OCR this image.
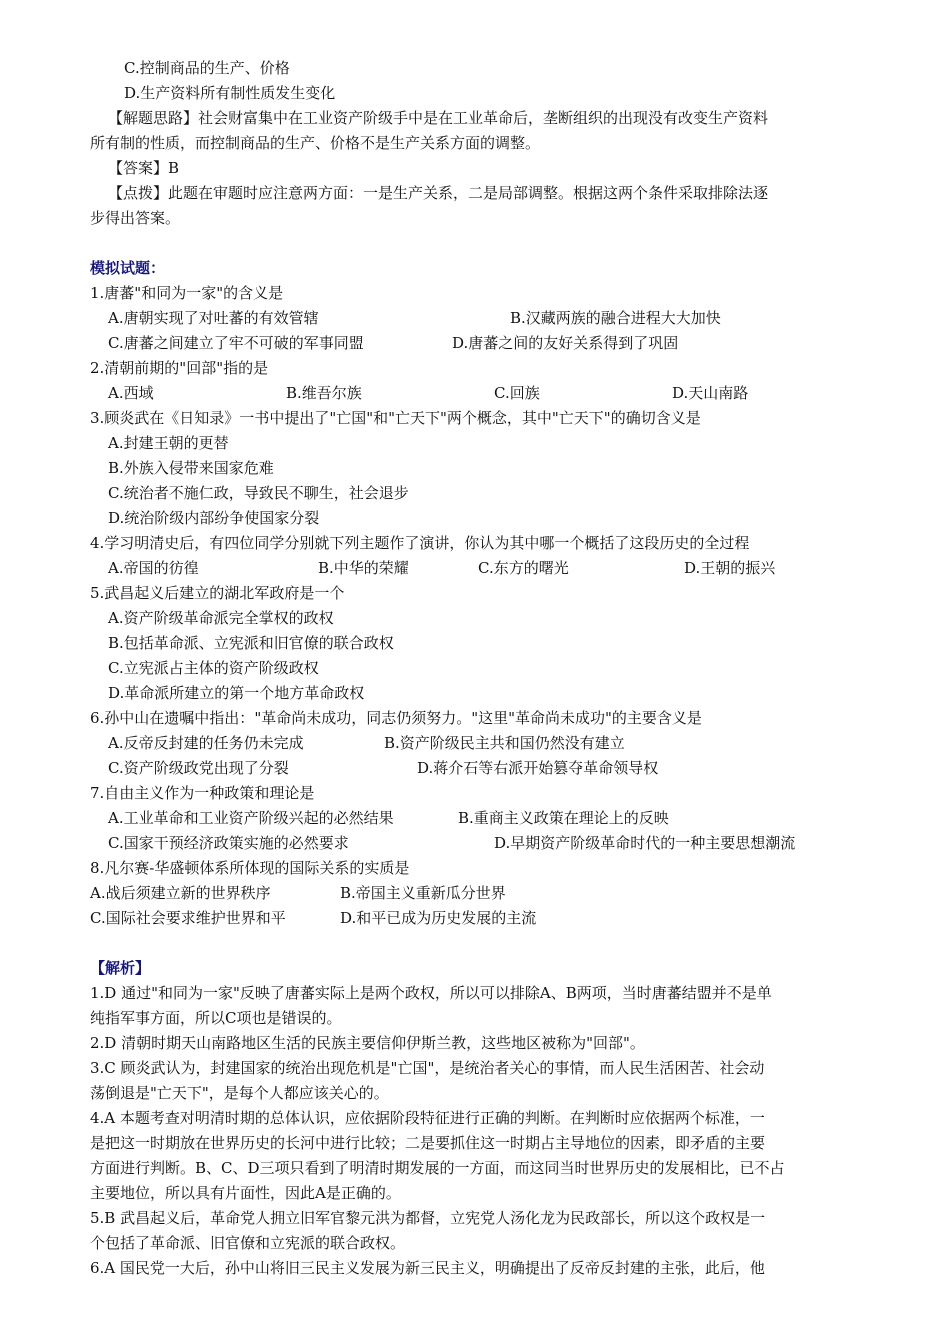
C.控制商品的生产、价格
D.生产资料所有制性质发生变化
【解题思路】社会财富集中在工业资产阶级手中是在工业革命后，垄断组织的出现没有改变生产资料
所有制的性质，而控制商品的生产、价格不是生产关系方面的调整。
【答案】B
【点拨】此题在审题时应注意两方面：一是生产关系，二是局部调整。根据这两个条件采取排除法逐
步得出答案。
模拟试题：
1.唐蕃"和同为一家"的含义是
A.唐朝实现了对吐蕃的有效管辖	B.汉藏两族的融合进程大大加快
C.唐蕃之间建立了牢不可破的军事同盟	D.唐蕃之间的友好关系得到了巩固
2.清朝前期的"回部"指的是
A.西域	B.维吾尔族	C.回族	D.天山南路
3.顾炎武在《日知录》一书中提出了"亡国"和"亡天下"两个概念，其中"亡天下"的确切含义是
A.封建王朝的更替
B.外族入侵带来国家危难
C.统治者不施仁政，导致民不聊生，社会退步
D.统治阶级内部纷争使国家分裂
4.学习明清史后，有四位同学分别就下列主题作了演讲，你认为其中哪一个概括了这段历史的全过程
A.帝国的彷徨	B.中华的荣耀	C.东方的曙光	D.王朝的振兴
5.武昌起义后建立的湖北军政府是一个
A.资产阶级革命派完全掌权的政权
B.包括革命派、立宪派和旧官僚的联合政权
C.立宪派占主体的资产阶级政权
D.革命派所建立的第一个地方革命政权
6.孙中山在遗嘱中指出："革命尚未成功，同志仍须努力。"这里"革命尚未成功"的主要含义是
A.反帝反封建的任务仍未完成	B.资产阶级民主共和国仍然没有建立
C.资产阶级政党出现了分裂	D.蒋介石等右派开始篡夺革命领导权
7.自由主义作为一种政策和理论是
A.工业革命和工业资产阶级兴起的必然结果	B.重商主义政策在理论上的反映
C.国家干预经济政策实施的必然要求	D.早期资产阶级革命时代的一种主要思想潮流
8.凡尔赛-华盛顿体系所体现的国际关系的实质是
A.战后须建立新的世界秩序	B.帝国主义重新瓜分世界
C.国际社会要求维护世界和平	D.和平已成为历史发展的主流
【解析】
1.D 通过"和同为一家"反映了唐蕃实际上是两个政权，所以可以排除A、B两项，当时唐蕃结盟并不是单
纯指军事方面，所以C项也是错误的。
2.D 清朝时期天山南路地区生活的民族主要信仰伊斯兰教，这些地区被称为"回部"。
3.C 顾炎武认为，封建国家的统治出现危机是"亡国"，是统治者关心的事情，而人民生活困苦、社会动
荡倒退是"亡天下"，是每个人都应该关心的。
4.A 本题考查对明清时期的总体认识，应依据阶段特征进行正确的判断。在判断时应依据两个标准，一
是把这一时期放在世界历史的长河中进行比较；二是要抓住这一时期占主导地位的因素，即矛盾的主要
方面进行判断。B、C、D三项只看到了明清时期发展的一方面，而这同当时世界历史的发展相比，已不占
主要地位，所以具有片面性，因此A是正确的。
5.B 武昌起义后，革命党人拥立旧军官黎元洪为都督，立宪党人汤化龙为民政部长，所以这个政权是一
个包括了革命派、旧官僚和立宪派的联合政权。
6.A 国民党一大后，孙中山将旧三民主义发展为新三民主义，明确提出了反帝反封建的主张，此后，他
